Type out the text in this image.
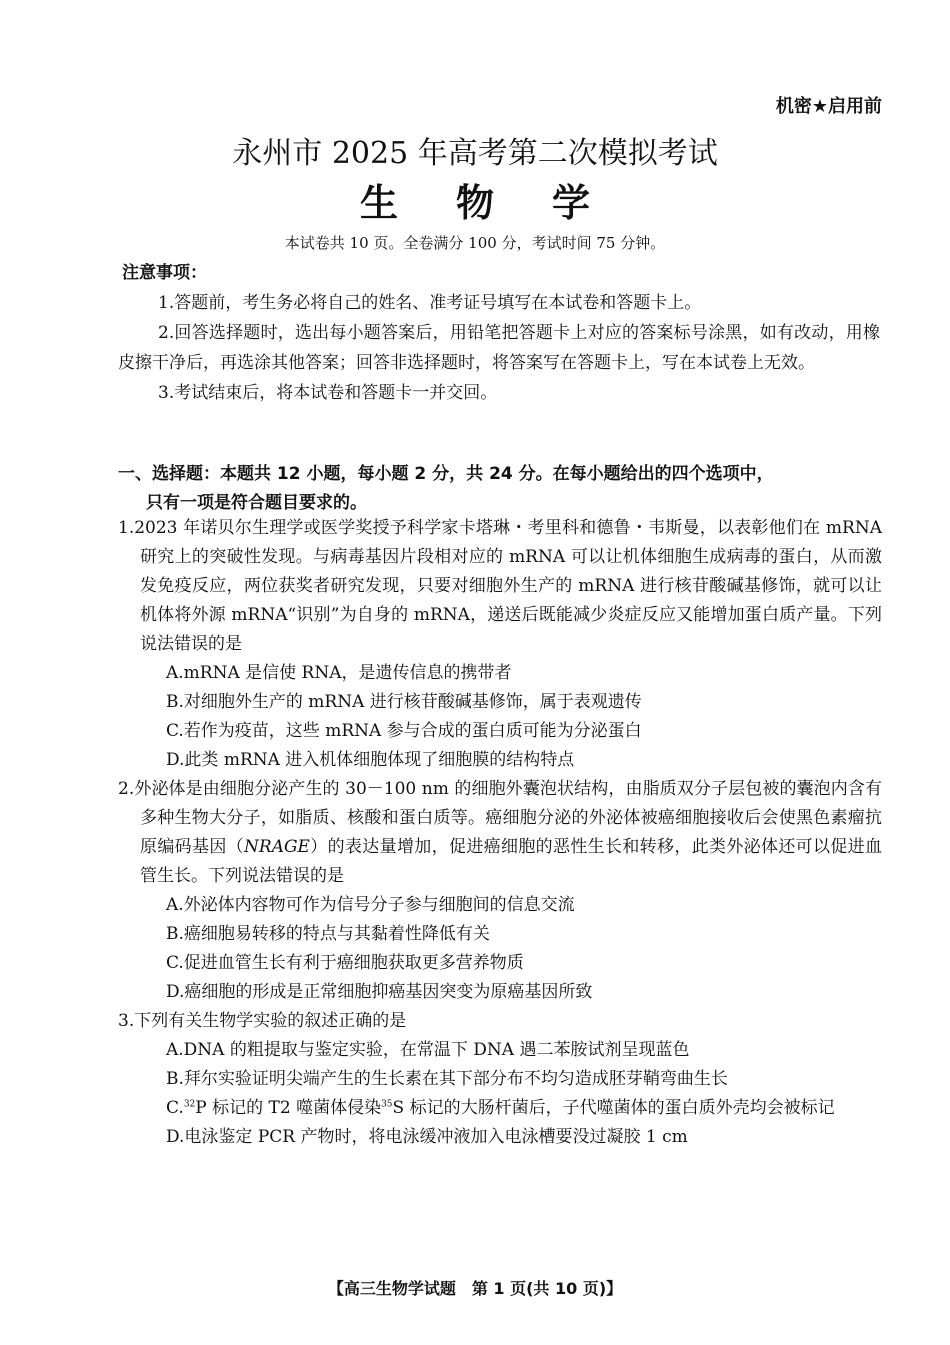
机密★启用前
永州市 2025 年高考第二次模拟考试
生物学
本试卷共 10 页。全卷满分 100 分，考试时间 75 分钟。
注意事项：

1.答题前，考生务必将自己的姓名、准考证号填写在本试卷和答题卡上。

2.回答选择题时，选出每小题答案后，用铅笔把答题卡上对应的答案标号涂黑，如有改动，用橡皮擦干净后，再选涂其他答案；回答非选择题时，将答案写在答题卡上，写在本试卷上无效。

3.考试结束后，将本试卷和答题卡一并交回。

一、选择题：本题共 12 小题，每小题 2 分，共 24 分。在每小题给出的四个选项中，
只有一项是符合题目要求的。
1.2023 年诺贝尔生理学或医学奖授予科学家卡塔琳・考里科和德鲁・韦斯曼，以表彰他们在 mRNA 研究上的突破性发现。与病毒基因片段相对应的 mRNA 可以让机体细胞生成病毒的蛋白，从而激发免疫反应，两位获奖者研究发现，只要对细胞外生产的 mRNA 进行核苷酸碱基修饰，就可以让机体将外源 mRNA“识别”为自身的 mRNA，递送后既能减少炎症反应又能增加蛋白质产量。下列说法错误的是
A.mRNA 是信使 RNA，是遗传信息的携带者
B.对细胞外生产的 mRNA 进行核苷酸碱基修饰，属于表观遗传
C.若作为疫苗，这些 mRNA 参与合成的蛋白质可能为分泌蛋白
D.此类 mRNA 进入机体细胞体现了细胞膜的结构特点
2.外泌体是由细胞分泌产生的 30－100 nm 的细胞外囊泡状结构，由脂质双分子层包被的囊泡内含有多种生物大分子，如脂质、核酸和蛋白质等。癌细胞分泌的外泌体被癌细胞接收后会使黑色素瘤抗原编码基因（NRAGE）的表达量增加，促进癌细胞的恶性生长和转移，此类外泌体还可以促进血管生长。下列说法错误的是
A.外泌体内容物可作为信号分子参与细胞间的信息交流
B.癌细胞易转移的特点与其黏着性降低有关
C.促进血管生长有利于癌细胞获取更多营养物质
D.癌细胞的形成是正常细胞抑癌基因突变为原癌基因所致
3.下列有关生物学实验的叙述正确的是
A.DNA 的粗提取与鉴定实验，在常温下 DNA 遇二苯胺试剂呈现蓝色
B.拜尔实验证明尖端产生的生长素在其下部分布不均匀造成胚芽鞘弯曲生长
C.$^{32}$P 标记的 T2 噬菌体侵染$^{35}$S 标记的大肠杆菌后，子代噬菌体的蛋白质外壳均会被标记
D.电泳鉴定 PCR 产物时，将电泳缓冲液加入电泳槽要没过凝胶 1 cm
【高三生物学试题　第 1 页(共 10 页)】
